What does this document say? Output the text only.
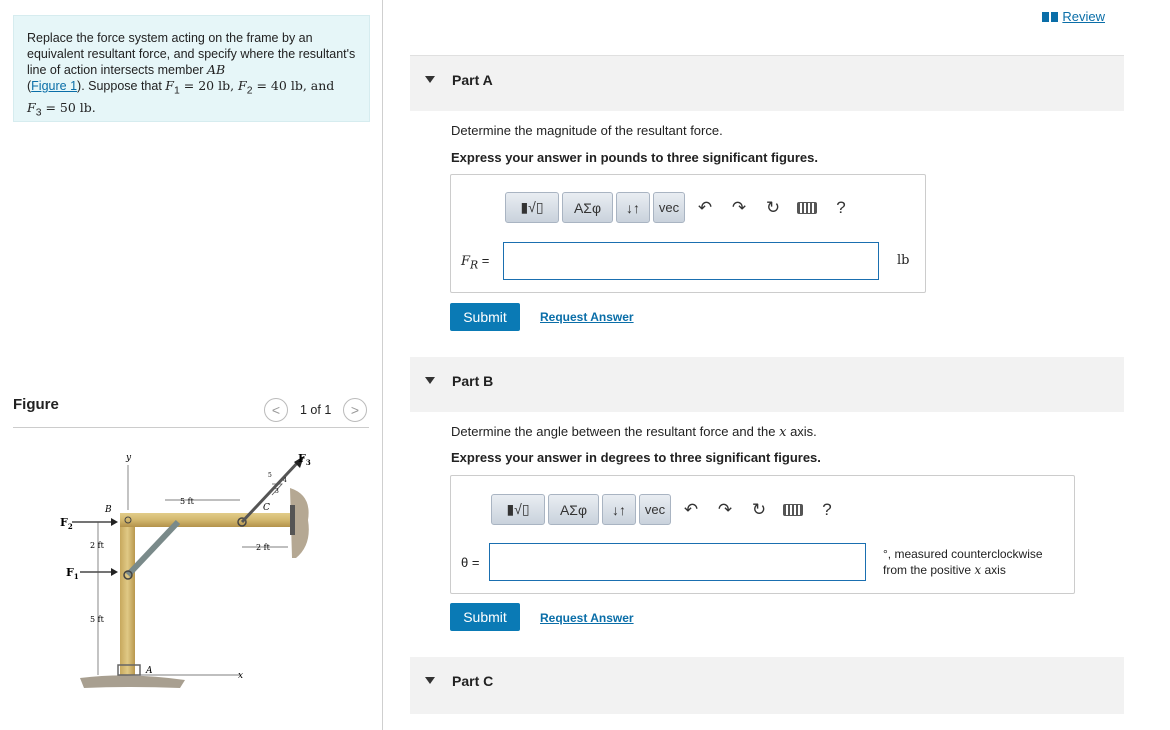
Replace the force system acting on the frame by an equivalent resultant force, and specify where the resultant's line of action intersects member AB
(Figure 1). Suppose that $F_1 = 20$ lb, $F_2 = 40$ lb, and
$F_3 = 50$ lb.
Figure	<	1 of 1	>
y
x
A
B	C
$F_2$
$F_1$
$F_3$
5 ft
2 ft
2 ft
5 ft
3
4
5
Review
Part A
Determine the magnitude of the resultant force.
Express your answer in pounds to three significant figures.
▮√▯	ΑΣφ	↓↑	vec	↶	↷	↻	?
$F_R$ =	lb
Submit	Request Answer
Part B
Determine the angle between the resultant force and the x axis.
Express your answer in degrees to three significant figures.
▮√▯	ΑΣφ	↓↑	vec	↶	↷	↻	?
θ =
°, measured counterclockwise
from the positive x axis
Submit	Request Answer
Part C
